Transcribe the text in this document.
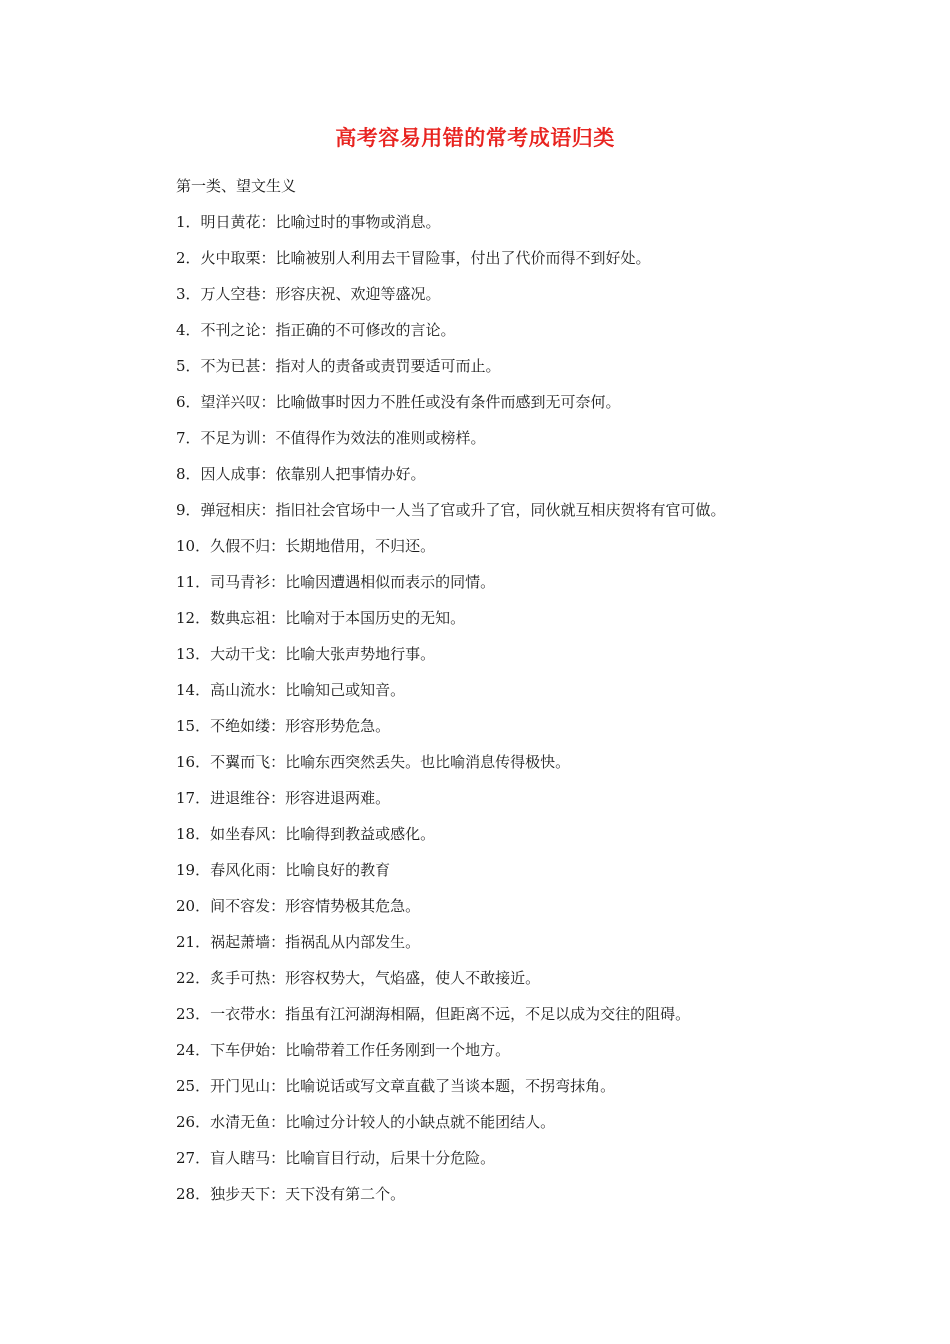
高考容易用错的常考成语归类

第一类、望文生义

1．明日黄花：比喻过时的事物或消息。

2．火中取栗：比喻被别人利用去干冒险事，付出了代价而得不到好处。

3．万人空巷：形容庆祝、欢迎等盛况。

4．不刊之论：指正确的不可修改的言论。

5．不为已甚：指对人的责备或责罚要适可而止。

6．望洋兴叹：比喻做事时因力不胜任或没有条件而感到无可奈何。

7．不足为训：不值得作为效法的准则或榜样。

8．因人成事：依靠别人把事情办好。

9．弹冠相庆：指旧社会官场中一人当了官或升了官，同伙就互相庆贺将有官可做。

10．久假不归：长期地借用，不归还。

11．司马青衫：比喻因遭遇相似而表示的同情。

12．数典忘祖：比喻对于本国历史的无知。

13．大动干戈：比喻大张声势地行事。

14．高山流水：比喻知己或知音。

15．不绝如缕：形容形势危急。

16．不翼而飞：比喻东西突然丢失。也比喻消息传得极快。

17．进退维谷：形容进退两难。

18．如坐春风：比喻得到教益或感化。

19．春风化雨：比喻良好的教育

20．间不容发：形容情势极其危急。

21．祸起萧墙：指祸乱从内部发生。

22．炙手可热：形容权势大，气焰盛，使人不敢接近。

23．一衣带水：指虽有江河湖海相隔，但距离不远，不足以成为交往的阻碍。

24．下车伊始：比喻带着工作任务刚到一个地方。

25．开门见山：比喻说话或写文章直截了当谈本题，不拐弯抹角。

26．水清无鱼：比喻过分计较人的小缺点就不能团结人。

27．盲人瞎马：比喻盲目行动，后果十分危险。

28．独步天下：天下没有第二个。
